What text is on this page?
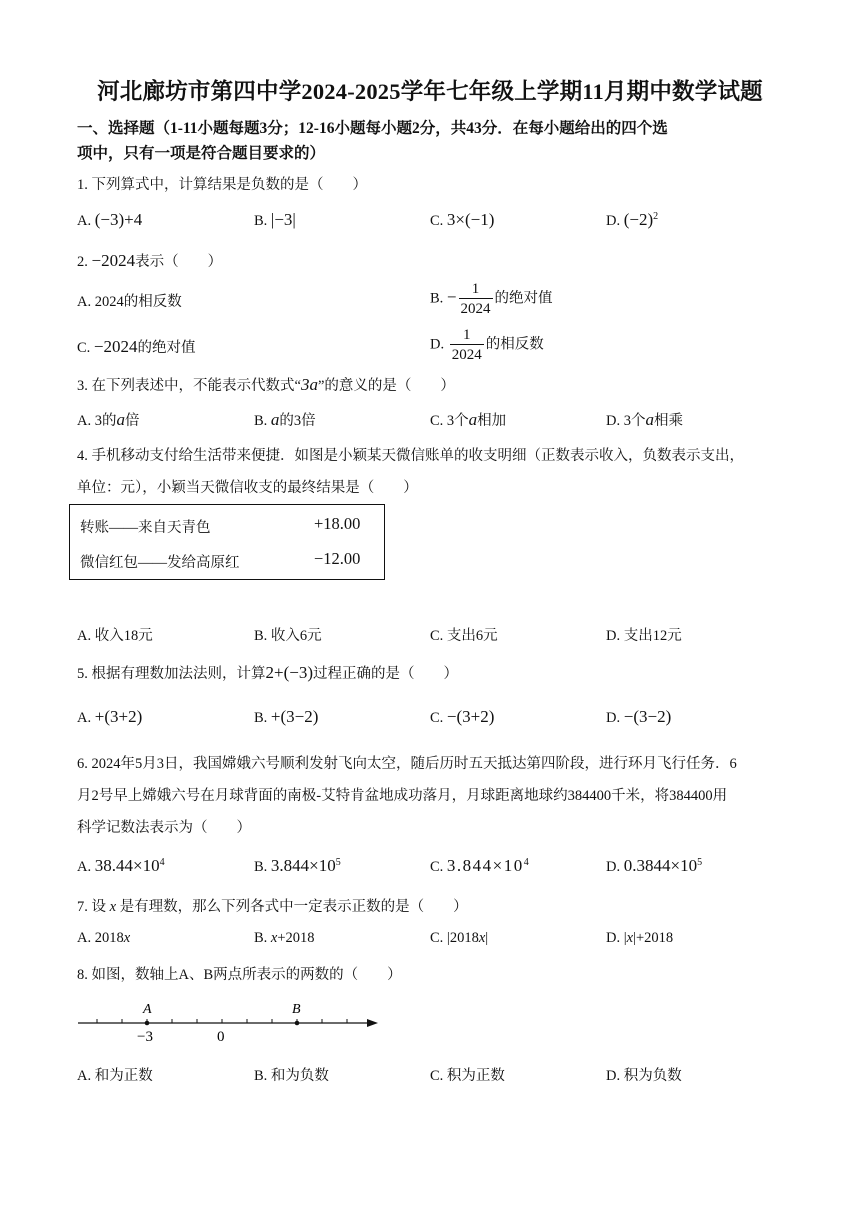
河北廊坊市第四中学2024-2025学年七年级上学期11月期中数学试题
一、选择题（1-11小题每题3分；12-16小题每小题2分，共43分．在每小题给出的四个选
项中，只有一项是符合题目要求的）
1. 下列算式中，计算结果是负数的是（　　）
A. (−3)+4	B. |−3|	C. 3×(−1)	D. $(-2)^2$
2. −2024表示（　　）
A. 2024的相反数	B. − $\frac{1}{2024}$ 的绝对值
C. −2024的绝对值	D. $\frac{1}{2024}$ 的相反数
3. 在下列表述中，不能表示代数式“3a”的意义的是（　　）
A. 3的a倍	B. a的3倍	C. 3个a相加	D. 3个a相乘
4. 手机移动支付给生活带来便捷．如图是小颖某天微信账单的收支明细（正数表示收入，负数表示支出，
单位：元），小颖当天微信收支的最终结果是（　　）
转账——来自天青色	+18.00
微信红包——发给高原红	−12.00
A. 收入18元	B. 收入6元	C. 支出6元	D. 支出12元
5. 根据有理数加法法则，计算2+(−3)过程正确的是（　　）
A. +(3+2)	B. +(3−2)	C. −(3+2)	D. −(3−2)
6. 2024年5月3日，我国嫦娥六号顺利发射飞向太空，随后历时五天抵达第四阶段，进行环月飞行任务．6
月2号早上嫦娥六号在月球背面的南极-艾特肯盆地成功落月，月球距离地球约384400千米，将384400用
科学记数法表示为（　　）
A. $38.44\times 10^4$	B. $3.844\times 10^5$	C. $3.844\times 10^4$	D. $0.3844\times 10^5$
7. 设 x 是有理数，那么下列各式中一定表示正数的是（　　）
A. 2018x	B. x+2018	C. |2018x|	D. |x|+2018
8. 如图，数轴上A、B两点所表示的两数的（　　）
A	B
−3	0
A. 和为正数	B. 和为负数	C. 积为正数	D. 积为负数
